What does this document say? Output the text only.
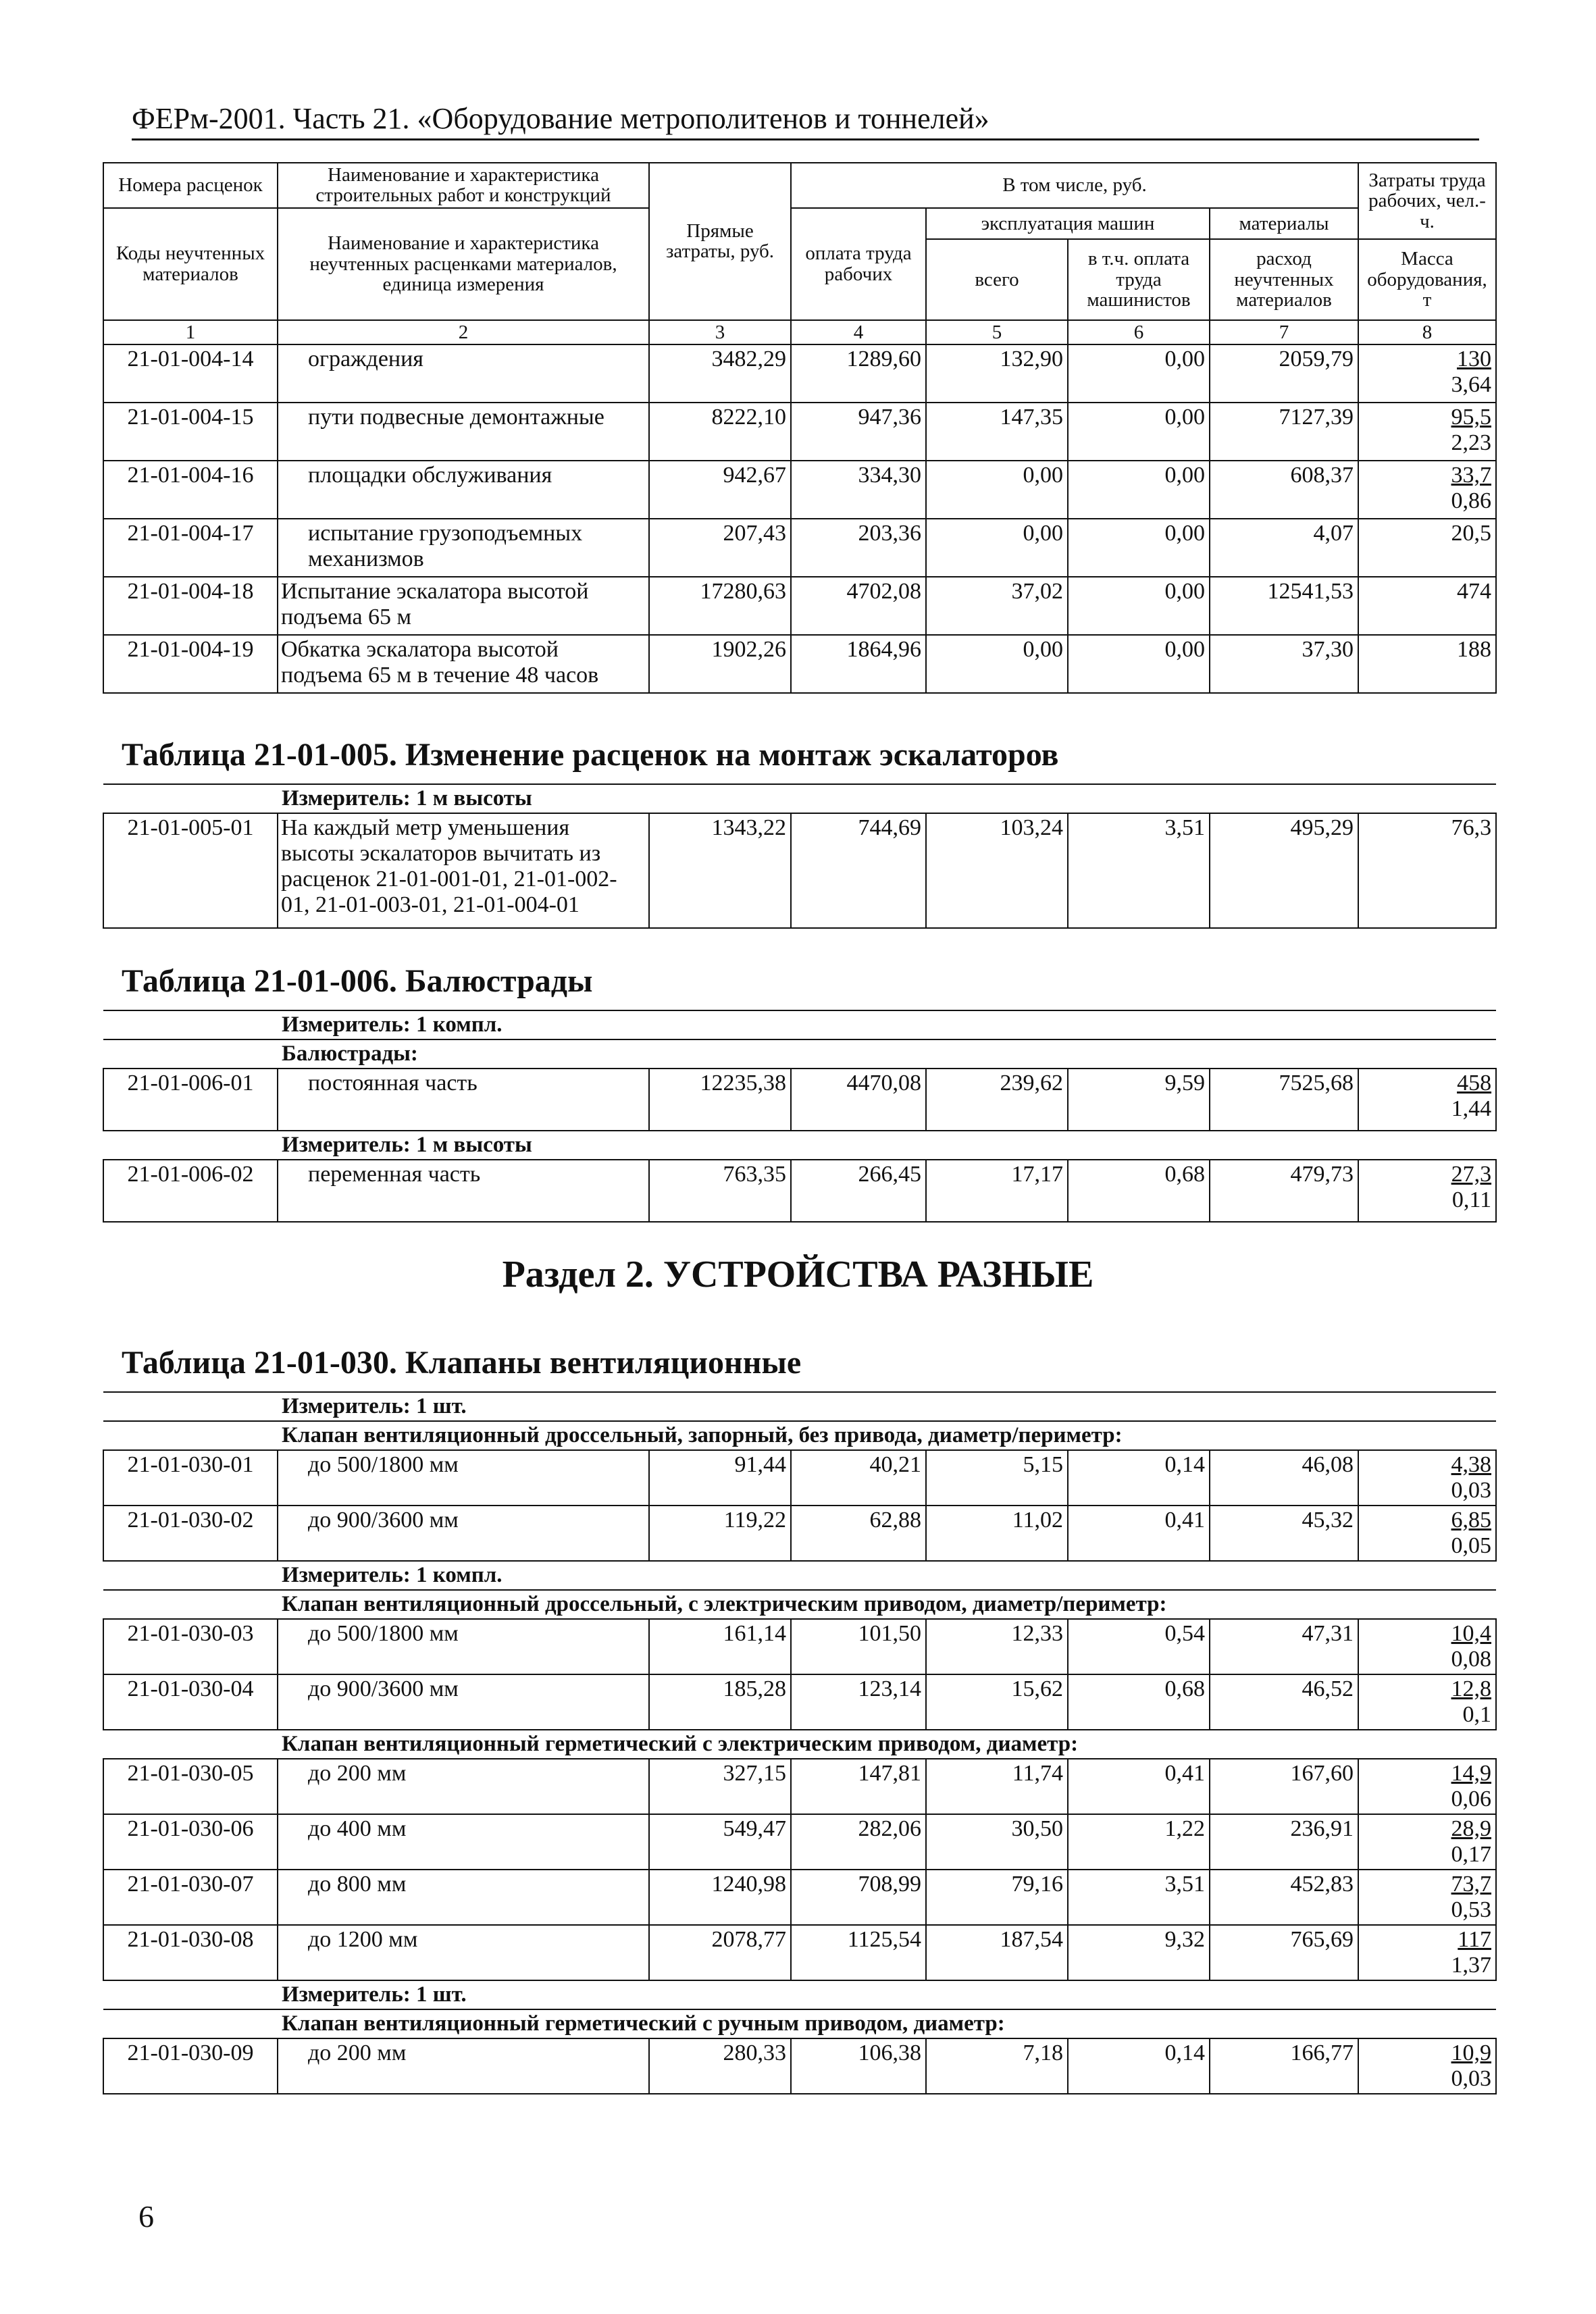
ФЕРм-2001. Часть 21. «Оборудование метрополитенов и тоннелей»
Номера расценок	Наименование и характеристика строительных работ и конструкций	Прямые затраты, руб.	В том числе, руб.				Затраты труда рабочих, чел.-ч.
Коды неучтенных материалов	Наименование и характеристика неучтенных расценками материалов, единица измерения		оплата труда рабочих	эксплуатация машин		материалы	
				всего	в т.ч. оплата труда машинистов	расход неучтенных материалов	Масса оборудования, т
1	2	3	4	5	6	7	8
21-01-004-14	ограждения	3482,29	1289,60	132,90	0,00	2059,79	130
3,64

21-01-004-15	пути подвесные демонтажные	8222,10	947,36	147,35	0,00	7127,39	95,5
2,23

21-01-004-16	площадки обслуживания	942,67	334,30	0,00	0,00	608,37	33,7
0,86

21-01-004-17	испытание грузоподъемных механизмов	207,43	203,36	0,00	0,00	4,07	20,5
21-01-004-18	Испытание эскалатора высотой подъема 65 м	17280,63	4702,08	37,02	0,00	12541,53	474
21-01-004-19	Обкатка эскалатора высотой подъема 65 м в течение 48 часов	1902,26	1864,96	0,00	0,00	37,30	188
Таблица 21-01-005. Изменение расценок на монтаж эскалаторов
	Измеритель: 1 м высоты						
21-01-005-01	На каждый метр уменьшения высоты эскалаторов вычитать из расценок 21-01-001-01, 21-01-002-01, 21-01-003-01, 21-01-004-01	1343,22	744,69	103,24	3,51	495,29	76,3
Таблица 21-01-006. Балюстрады
	Измеритель: 1 компл.						
	Балюстрады:						
21-01-006-01	постоянная часть	12235,38	4470,08	239,62	9,59	7525,68	458
1,44

	Измеритель: 1 м высоты						
21-01-006-02	переменная часть	763,35	266,45	17,17	0,68	479,73	27,3
0,11
Раздел 2. УСТРОЙСТВА РАЗНЫЕ
Таблица 21-01-030. Клапаны вентиляционные
	Измеритель: 1 шт.						
	Клапан вентиляционный дроссельный, запорный, без привода, диаметр/периметр:						
21-01-030-01	до 500/1800 мм	91,44	40,21	5,15	0,14	46,08	4,38
0,03

21-01-030-02	до 900/3600 мм	119,22	62,88	11,02	0,41	45,32	6,85
0,05

	Измеритель: 1 компл.						
	Клапан вентиляционный дроссельный, с электрическим приводом, диаметр/периметр:						
21-01-030-03	до 500/1800 мм	161,14	101,50	12,33	0,54	47,31	10,4
0,08

21-01-030-04	до 900/3600 мм	185,28	123,14	15,62	0,68	46,52	12,8
0,1

	Клапан вентиляционный герметический с электрическим приводом, диаметр:						
21-01-030-05	до 200 мм	327,15	147,81	11,74	0,41	167,60	14,9
0,06

21-01-030-06	до 400 мм	549,47	282,06	30,50	1,22	236,91	28,9
0,17

21-01-030-07	до 800 мм	1240,98	708,99	79,16	3,51	452,83	73,7
0,53

21-01-030-08	до 1200 мм	2078,77	1125,54	187,54	9,32	765,69	117
1,37

	Измеритель: 1 шт.						
	Клапан вентиляционный герметический с ручным приводом, диаметр:						
21-01-030-09	до 200 мм	280,33	106,38	7,18	0,14	166,77	10,9
0,03
6
